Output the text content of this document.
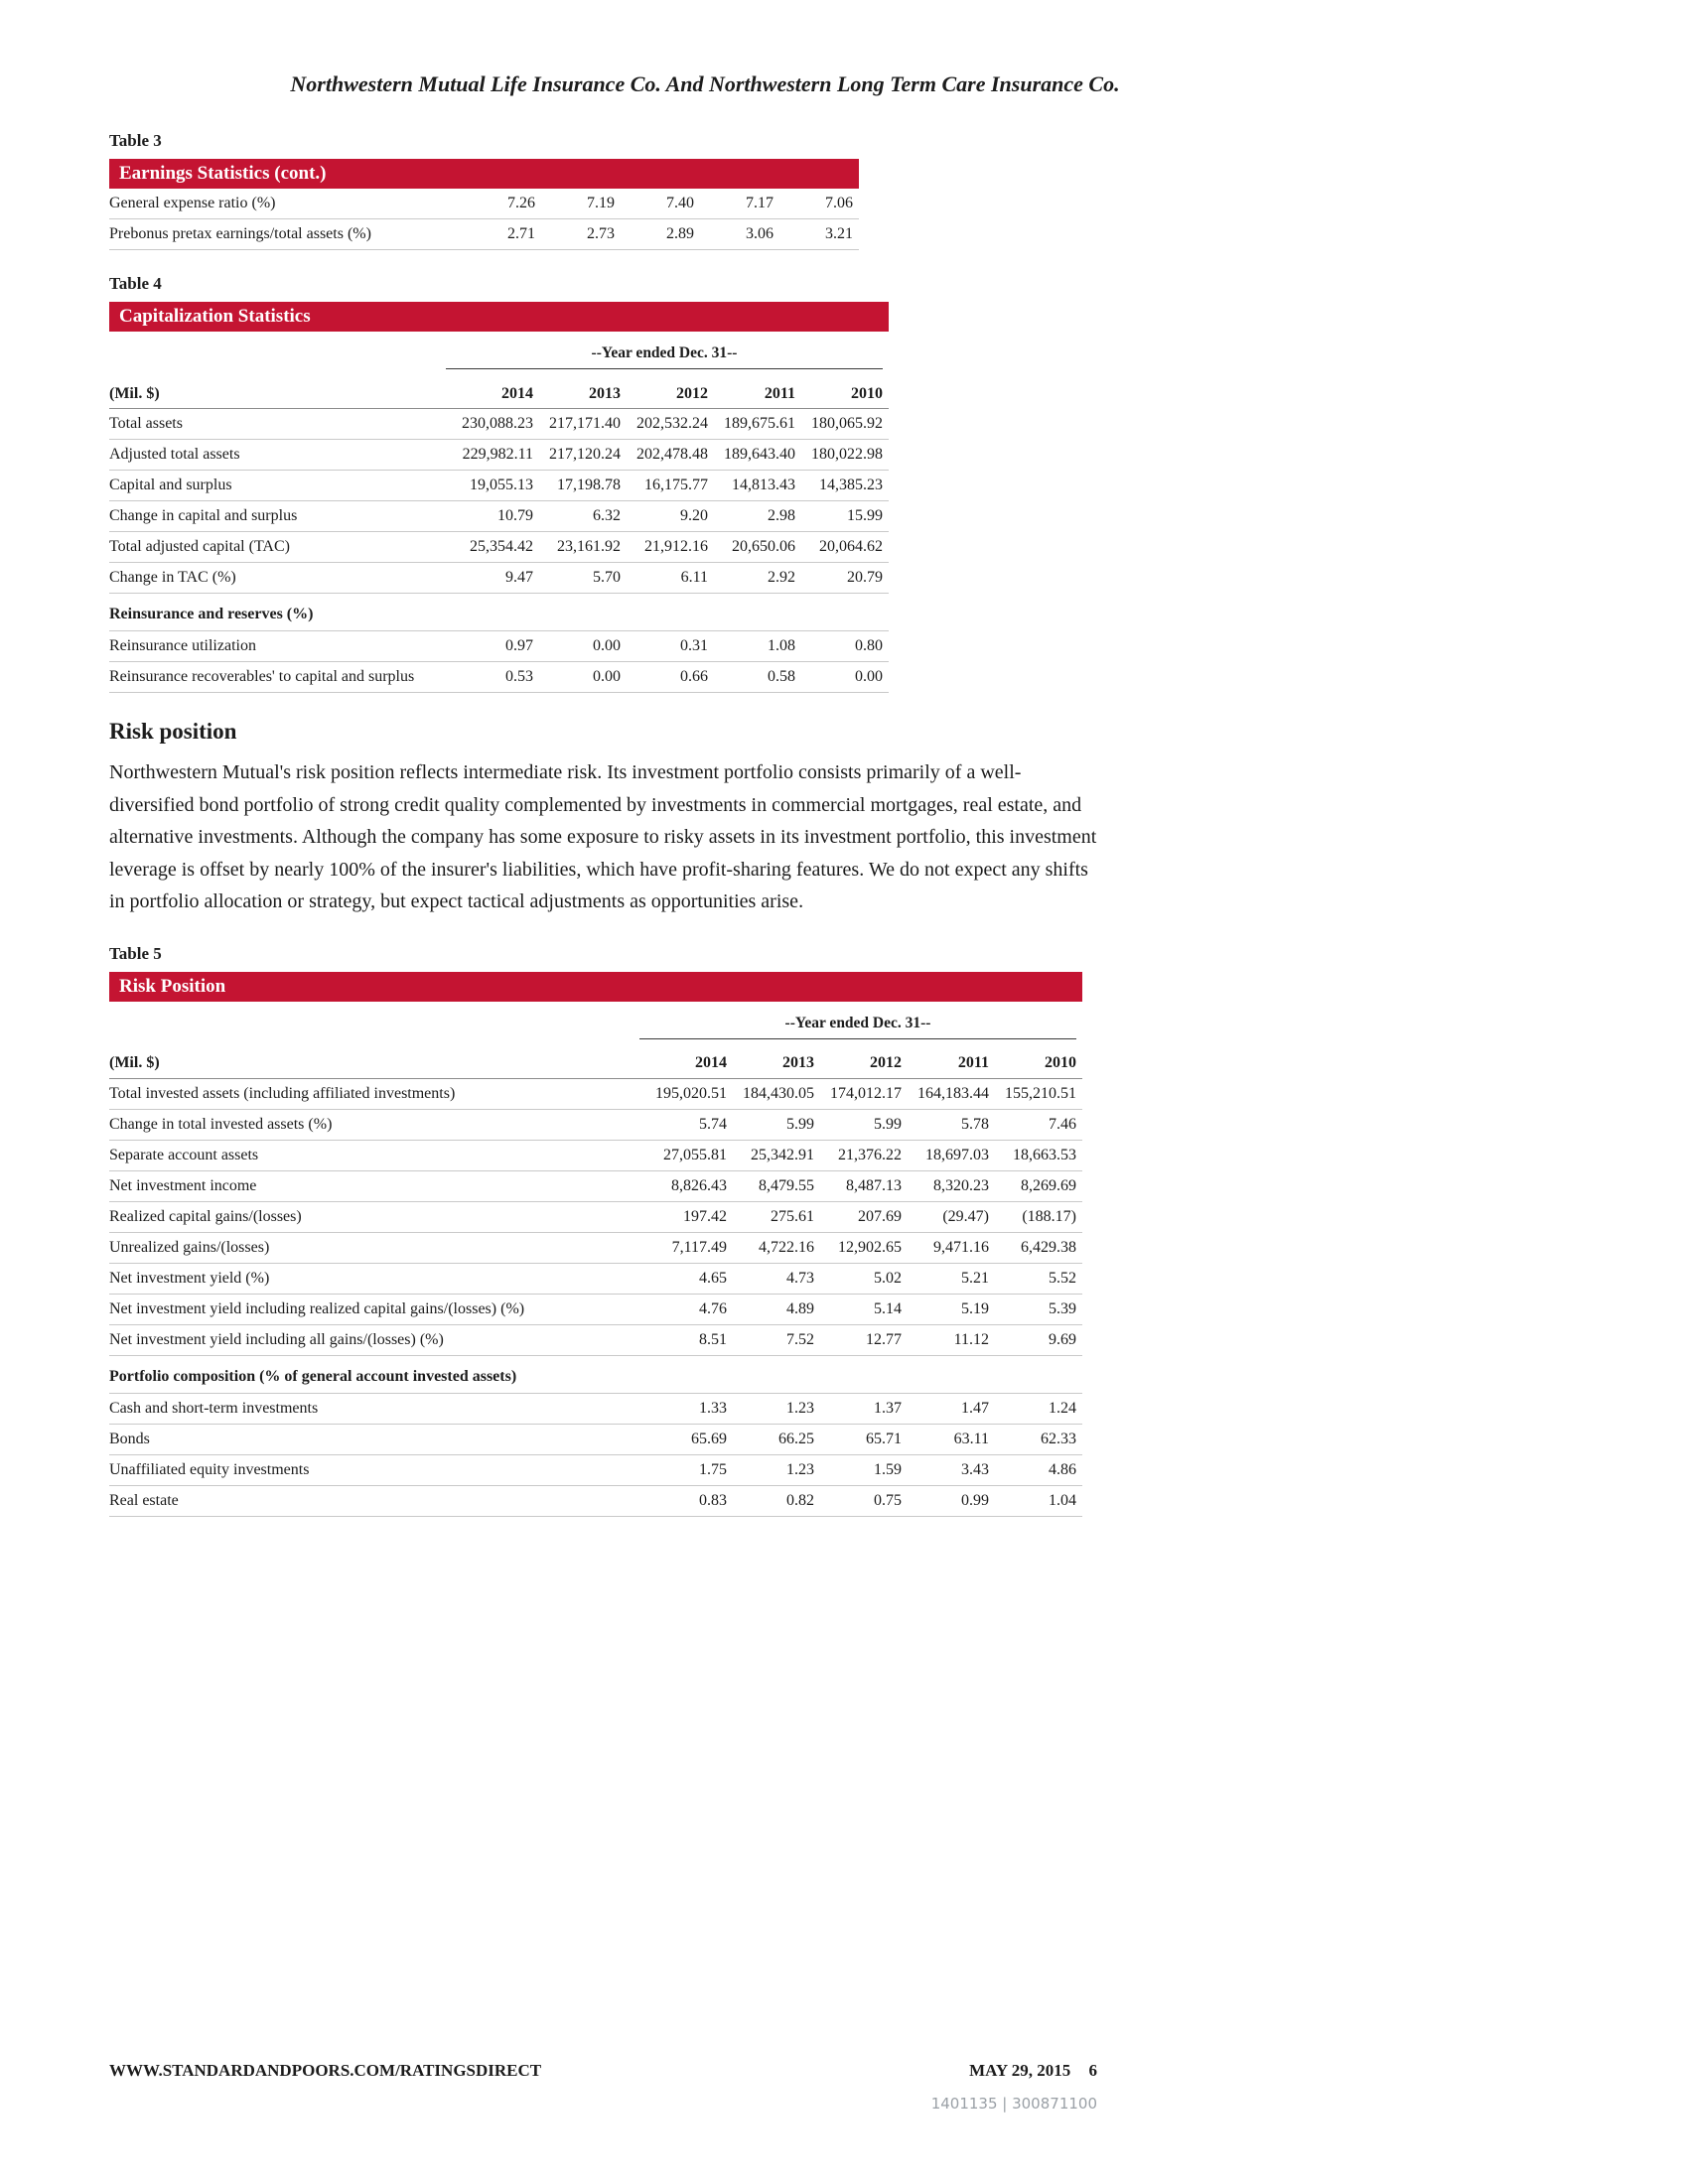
Northwestern Mutual Life Insurance Co. And Northwestern Long Term Care Insurance Co.
Table 3
Earnings Statistics (cont.)
General expense ratio (%)	7.26	7.19	7.40	7.17	7.06
Prebonus pretax earnings/total assets (%)	2.71	2.73	2.89	3.06	3.21
Table 4
Capitalization Statistics
--Year ended Dec. 31--
(Mil. $)	2014	2013	2012	2011	2010
Total assets	230,088.23	217,171.40	202,532.24	189,675.61	180,065.92
Adjusted total assets	229,982.11	217,120.24	202,478.48	189,643.40	180,022.98
Capital and surplus	19,055.13	17,198.78	16,175.77	14,813.43	14,385.23
Change in capital and surplus	10.79	6.32	9.20	2.98	15.99
Total adjusted capital (TAC)	25,354.42	23,161.92	21,912.16	20,650.06	20,064.62
Change in TAC (%)	9.47	5.70	6.11	2.92	20.79
Reinsurance and reserves (%)
Reinsurance utilization	0.97	0.00	0.31	1.08	0.80
Reinsurance recoverables' to capital and surplus	0.53	0.00	0.66	0.58	0.00
Risk position

Northwestern Mutual's risk position reflects intermediate risk. Its investment portfolio consists primarily of a well-diversified bond portfolio of strong credit quality complemented by investments in commercial mortgages, real estate, and alternative investments. Although the company has some exposure to risky assets in its investment portfolio, this investment leverage is offset by nearly 100% of the insurer's liabilities, which have profit-sharing features. We do not expect any shifts in portfolio allocation or strategy, but expect tactical adjustments as opportunities arise.

Table 5
Risk Position
--Year ended Dec. 31--
(Mil. $)	2014	2013	2012	2011	2010
Total invested assets (including affiliated investments)	195,020.51	184,430.05	174,012.17	164,183.44	155,210.51
Change in total invested assets (%)	5.74	5.99	5.99	5.78	7.46
Separate account assets	27,055.81	25,342.91	21,376.22	18,697.03	18,663.53
Net investment income	8,826.43	8,479.55	8,487.13	8,320.23	8,269.69
Realized capital gains/(losses)	197.42	275.61	207.69	(29.47)	(188.17)
Unrealized gains/(losses)	7,117.49	4,722.16	12,902.65	9,471.16	6,429.38
Net investment yield (%)	4.65	4.73	5.02	5.21	5.52
Net investment yield including realized capital gains/(losses) (%)	4.76	4.89	5.14	5.19	5.39
Net investment yield including all gains/(losses) (%)	8.51	7.52	12.77	11.12	9.69
Portfolio composition (% of general account invested assets)
Cash and short-term investments	1.33	1.23	1.37	1.47	1.24
Bonds	65.69	66.25	65.71	63.11	62.33
Unaffiliated equity investments	1.75	1.23	1.59	3.43	4.86
Real estate	0.83	0.82	0.75	0.99	1.04
WWW.STANDARDANDPOORS.COM/RATINGSDIRECT	MAY 29, 2015 6
1401135 | 300871100
